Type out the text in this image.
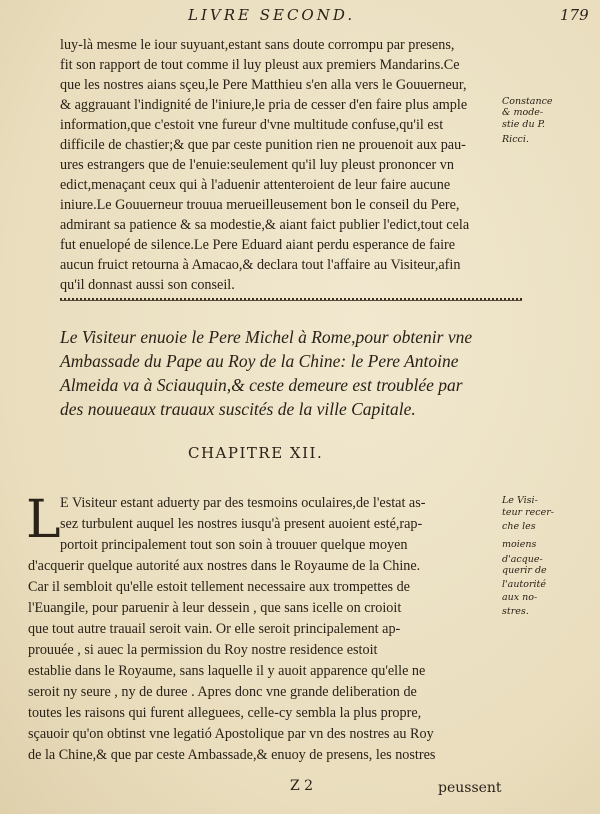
LIVRE SECOND.	179
luy-là mesme le iour suyuant,estant sans doute corrompu par presens,
fit son rapport de tout comme il luy pleust aux premiers Mandarins.Ce
que les nostres aians sçeu,le Pere Matthieu s'en alla vers le Gouuerneur,
& aggrauant l'indignité de l'iniure,le pria de cesser d'en faire plus ample
information,que c'estoit vne fureur d'vne multitude confuse,qu'il est
difficile de chastier;& que par ceste punition rien ne prouenoit aux pau-
ures estrangers que de l'enuie:seulement qu'il luy pleust prononcer vn
edict,menaçant ceux qui à l'aduenir attenteroient de leur faire aucune
iniure.Le Gouuerneur trouua merueilleusement bon le conseil du Pere,
admirant sa patience & sa modestie,& aiant faict publier l'edict,tout cela
fut enuelopé de silence.Le Pere Eduard aiant perdu esperance de faire
aucun fruict retourna à Amacao,& declara tout l'affaire au Visiteur,afin
qu'il donnast aussi son conseil.
Constance
& mode-
stie du P.
Ricci.
Le Visiteur enuoie le Pere Michel à Rome,pour obtenir vne
Ambassade du Pape au Roy de la Chine: le Pere Antoine
Almeida va à Sciauquin,& ceste demeure est troublée par
des nouueaux trauaux suscités de la ville Capitale.
CHAPITRE XII.
L E Visiteur estant aduerty par des tesmoins oculaires,de l'estat as-
sez turbulent auquel les nostres iusqu'à present auoient esté,rap-
portoit principalement tout son soin à trouuer quelque moyen
d'acquerir quelque autorité aux nostres dans le Royaume de la Chine.
Car il sembloit qu'elle estoit tellement necessaire aux trompettes de
l'Euangile, pour paruenir à leur dessein , que sans icelle on croioit
que tout autre trauail seroit vain. Or elle seroit principalement ap-
prouuée , si auec la permission du Roy nostre residence estoit
establie dans le Royaume, sans laquelle il y auoit apparence qu'elle ne
seroit ny seure , ny de duree . Apres donc vne grande deliberation de
toutes les raisons qui furent alleguees, celle-cy sembla la plus propre,
sçauoir qu'on obtinst vne legatió Apostolique par vn des nostres au Roy
de la Chine,& que par ceste Ambassade,& enuoy de presens, les nostres
Le Visi-
teur recer-
che les
moiens
d'acque-
querir de
l'autorité
aux no-
stres.
Z 2	peussent
